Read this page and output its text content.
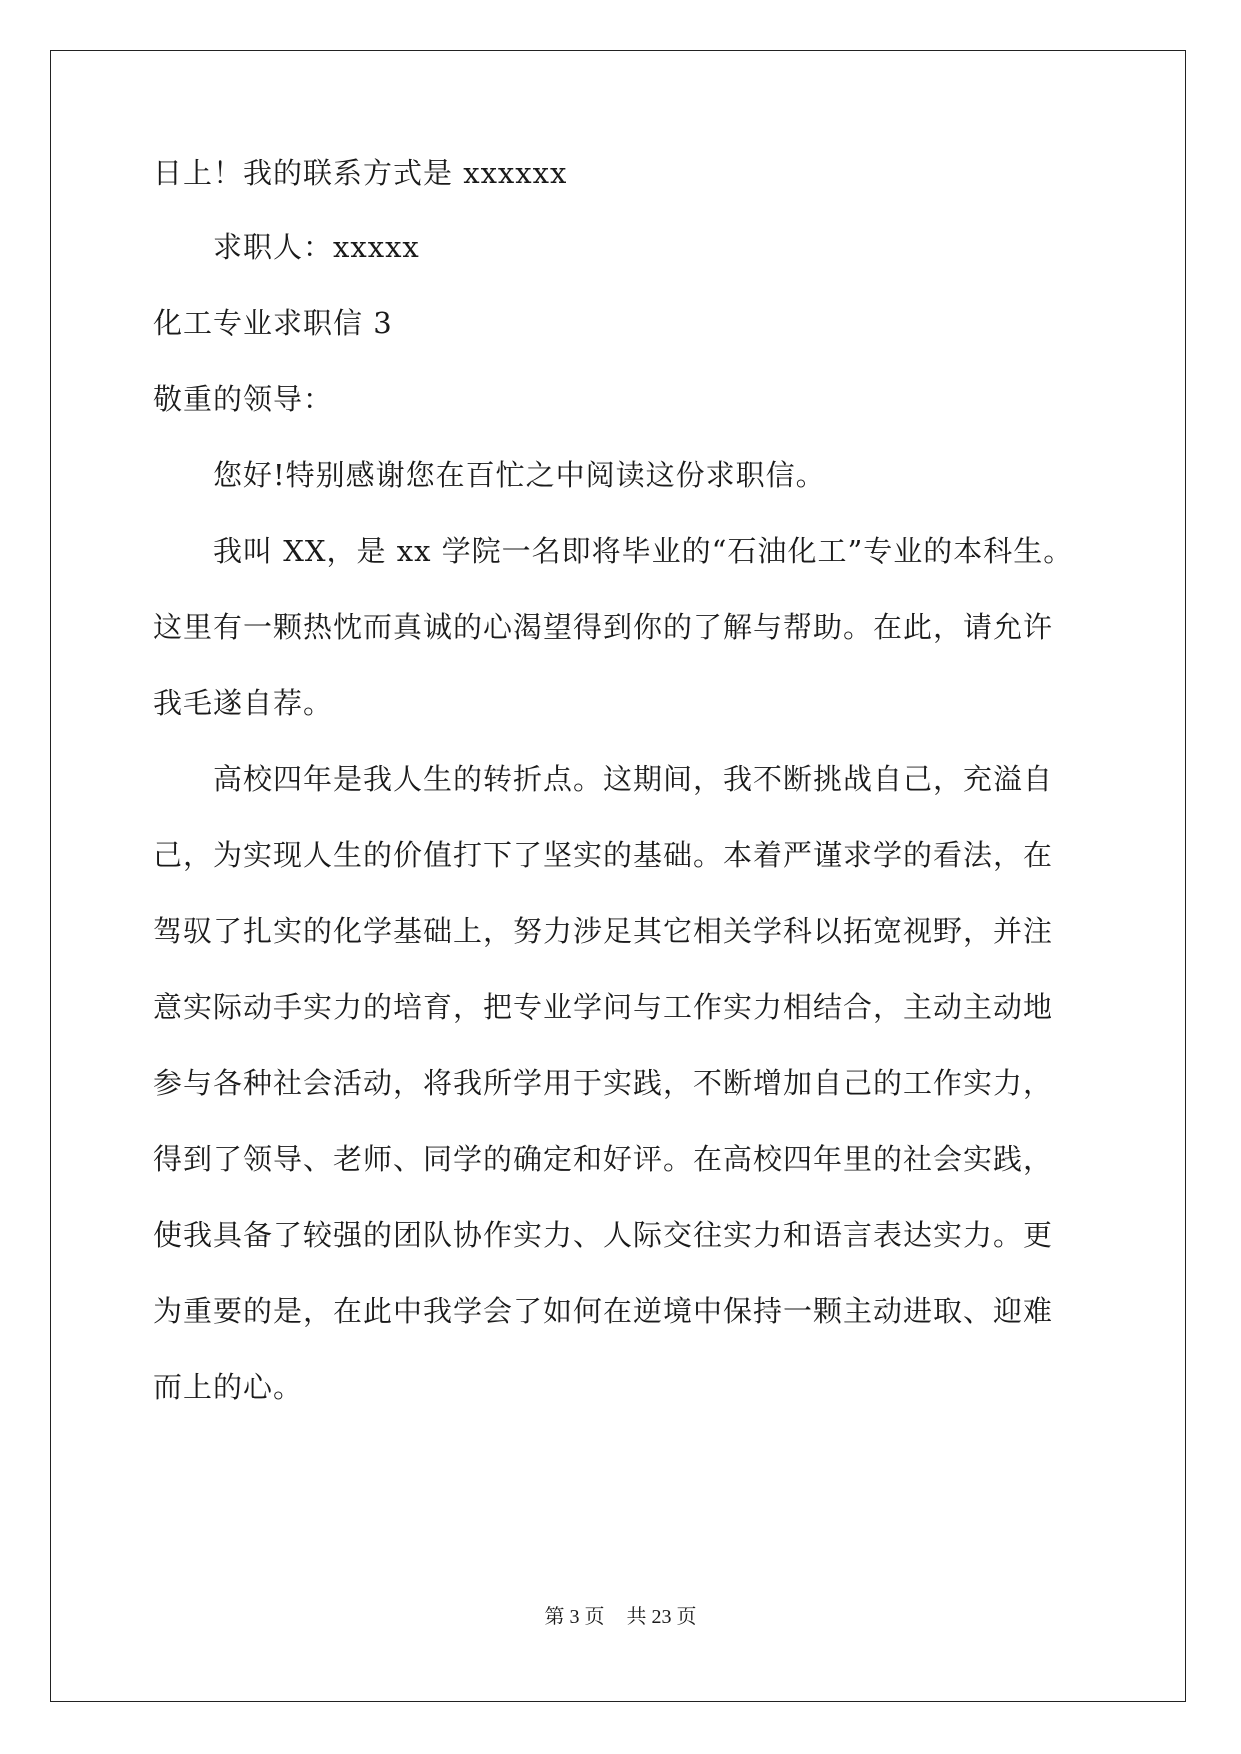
日上！我的联系方式是 xxxxxx
求职人：xxxxx
化工专业求职信 3
敬重的领导：
您好!特别感谢您在百忙之中阅读这份求职信。
我叫 XX，是 xx 学院一名即将毕业的“石油化工”专业的本科生。
这里有一颗热忱而真诚的心渴望得到你的了解与帮助。在此，请允许
我毛遂自荐。
高校四年是我人生的转折点。这期间，我不断挑战自己，充溢自
己，为实现人生的价值打下了坚实的基础。本着严谨求学的看法，在
驾驭了扎实的化学基础上，努力涉足其它相关学科以拓宽视野，并注
意实际动手实力的培育，把专业学问与工作实力相结合，主动主动地
参与各种社会活动，将我所学用于实践，不断增加自己的工作实力，
得到了领导、老师、同学的确定和好评。在高校四年里的社会实践，
使我具备了较强的团队协作实力、人际交往实力和语言表达实力。更
为重要的是，在此中我学会了如何在逆境中保持一颗主动进取、迎难
而上的心。
第 3 页 共 23 页
